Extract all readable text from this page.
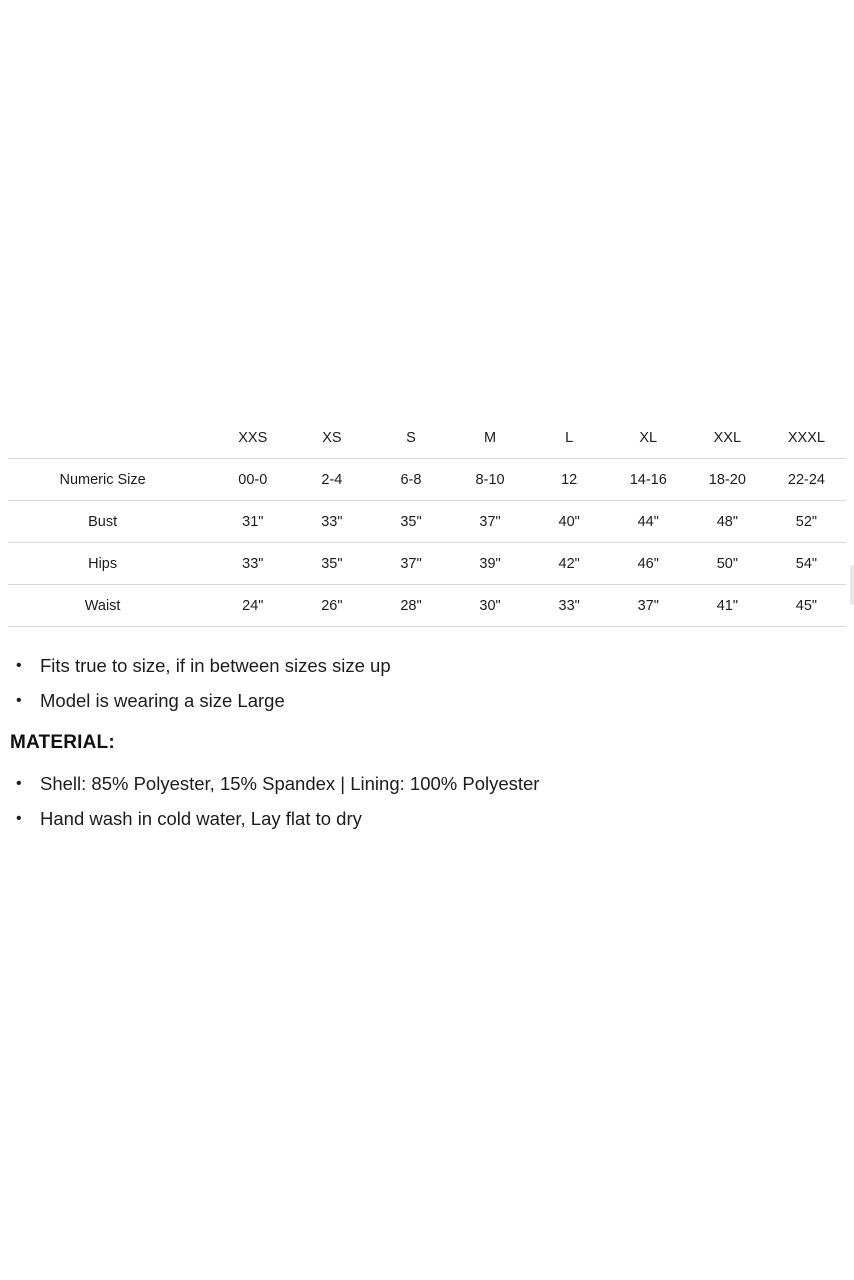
	XXS	XS	S	M	L	XL	XXL	XXXL
Numeric Size	00-0	2-4	6-8	8-10	12	14-16	18-20	22-24
Bust	31"	33"	35"	37"	40"	44"	48"	52"
Hips	33"	35"	37"	39"	42"	46"	50"	54"
Waist	24"	26"	28"	30"	33"	37"	41"	45"
• Fits true to size, if in between sizes size up
• Model is wearing a size Large
MATERIAL:
• Shell: 85% Polyester, 15% Spandex | Lining: 100% Polyester
• Hand wash in cold water, Lay flat to dry
